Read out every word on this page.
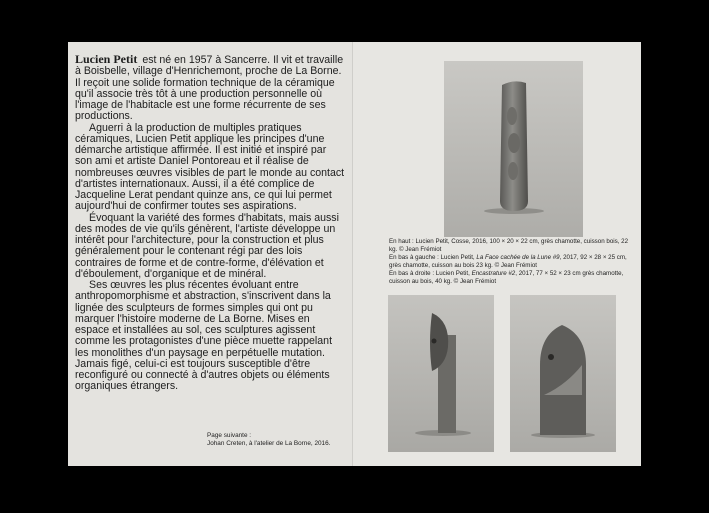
Lucien Petit est né en 1957 à Sancerre. Il vit et travaille à Boisbelle, village d'Henrichemont, proche de La Borne. Il reçoit une solide formation technique de la céramique qu'il associe très tôt à une production personnelle où l'image de l'habitacle est une forme récurrente de ses productions.

Aguerri à la production de multiples pratiques céramiques, Lucien Petit applique les principes d'une démarche artistique affirmée. Il est initié et inspiré par son ami et artiste Daniel Pontoreau et il réalise de nombreuses œuvres visibles de part le monde au contact d'artistes internationaux. Aussi, il a été complice de Jacqueline Lerat pendant quinze ans, ce qui lui permet aujourd'hui de confirmer toutes ses aspirations.

Évoquant la variété des formes d'habitats, mais aussi des modes de vie qu'ils génèrent, l'artiste développe un intérêt pour l'architecture, pour la construction et plus généralement pour le contenant régi par des lois contraires de forme et de contre-forme, d'élévation et d'éboulement, d'organique et de minéral.

Ses œuvres les plus récentes évoluant entre anthropomorphisme et abstraction, s'inscrivent dans la lignée des sculpteurs de formes simples qui ont pu marquer l'histoire moderne de La Borne. Mises en espace et installées au sol, ces sculptures agissent comme les protagonistes d'une pièce muette rappelant les monolithes d'un paysage en perpétuelle mutation. Jamais figé, celui-ci est toujours susceptible d'être reconfiguré ou connecté à d'autres objets ou éléments organiques étrangers.

Page suivante :
Johan Creten, à l'atelier de La Borne, 2016.
En haut : Lucien Petit, Cosse, 2016, 100 × 20 × 22 cm, grès chamotte, cuisson bois, 22 kg. © Jean Frémiot
En bas à gauche : Lucien Petit, La Face cachée de la Lune #9, 2017, 92 × 28 × 25 cm, grès chamotte, cuisson au bois 23 kg. © Jean Frémiot
En bas à droite : Lucien Petit, Encastrature #2, 2017, 77 × 52 × 23 cm grès chamotte, cuisson au bois, 40 kg. © Jean Frémiot
